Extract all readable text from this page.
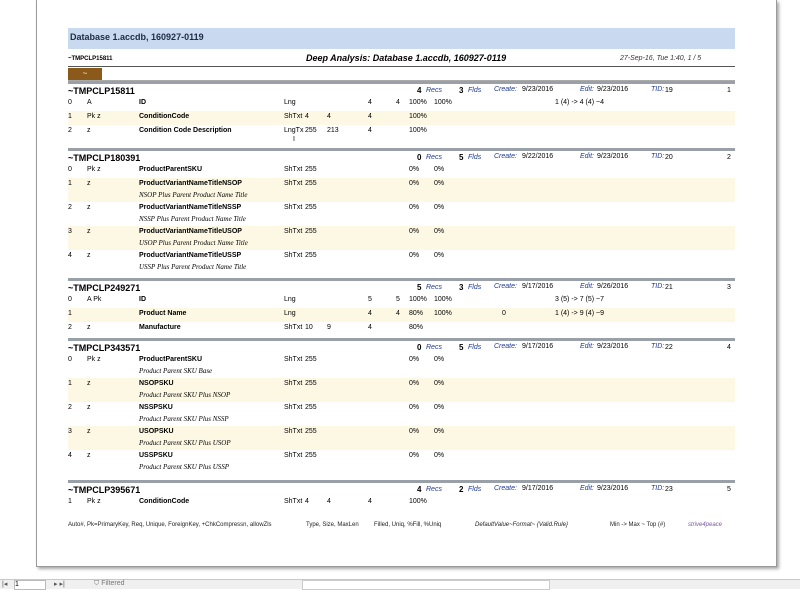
Database 1.accdb, 160927-0119
~TMPCLP15811	Deep Analysis: Database 1.accdb, 160927-0119	27-Sep-16, Tue 1:40, 1 / 5
~
~TMPCLP15811	4 Recs 3 Flds Create: 9/23/2016	Edit: 9/23/2016	TID: 19	1
0 A	ID	Lng	4	4 100% 100%	1 (4) -> 4 (4) ~4
1 Pk z	ConditionCode	ShTxt 4	4	4	100%
2 z	Condition Code Description	LngTx 255 213	4	100%
I
~TMPCLP180391	0 Recs 5 Flds Create: 9/22/2016	Edit: 9/23/2016	TID: 20	2
0 Pk z	ProductParentSKU	ShTxt 255	0% 0%
1 z	ProductVariantNameTitleNSOP	ShTxt 255	0% 0%
NSOP Plus Parent Product Name Title
2 z	ProductVariantNameTitleNSSP	ShTxt 255	0% 0%
NSSP Plus Parent Product Name Title
3 z	ProductVariantNameTitleUSOP	ShTxt 255	0% 0%
USOP Plus Parent Product Name Title
4 z	ProductVariantNameTitleUSSP	ShTxt 255	0% 0%
USSP Plus Parent Product Name Title
~TMPCLP249271	5 Recs 3 Flds Create: 9/17/2016	Edit: 9/26/2016	TID: 21	3
0 A Pk	ID	Lng	5	5 100% 100%	3 (5) -> 7 (5) ~7
1	Product Name	Lng	4	4 80% 100%	0	1 (4) -> 9 (4) ~9
2 z	Manufacture	ShTxt 10 9	4	80%
~TMPCLP343571	0 Recs 5 Flds Create: 9/17/2016	Edit: 9/23/2016	TID: 22	4
0 Pk z	ProductParentSKU	ShTxt 255	0% 0%
Product Parent SKU Base
1 z	NSOPSKU	ShTxt 255	0% 0%
Product Parent SKU Plus NSOP
2 z	NSSPSKU	ShTxt 255	0% 0%
Product Parent SKU Plus NSSP
3 z	USOPSKU	ShTxt 255	0% 0%
Product Parent SKU Plus USOP
4 z	USSPSKU	ShTxt 255	0% 0%
Product Parent SKU Plus USSP
~TMPCLP395671	4 Recs 2 Flds Create: 9/17/2016	Edit: 9/23/2016	TID: 23	5
1 Pk z	ConditionCode	ShTxt 4	4	4	100%
Auto#, Pk=PrimaryKey, Req, Unique, ForeignKey, +ChkCompressn, allowZls	Type, Size, MaxLen	Filled, Uniq, %Fill, %Uniq	DefaultValue~Format~ {Valid.Rule}	Min -> Max ~ Top (#)	strive4peace
|◂ 1	▸ ▸|	⛉ Filtered
